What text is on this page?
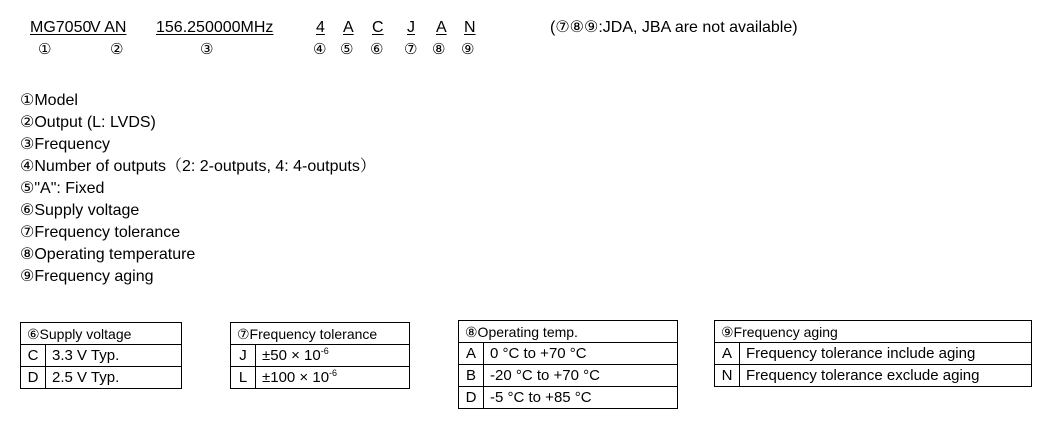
MG7050
V AN 156.250000MHz	4 A C J A N
①	②	③	④ ⑤ ⑥ ⑦ ⑧ ⑨
(⑦⑧⑨:JDA, JBA are not available)
①Model
②Output (L: LVDS)
③Frequency
④Number of outputs（2: 2-outputs, 4: 4-outputs）
⑤"A": Fixed
⑥Supply voltage
⑦Frequency tolerance
⑧Operating temperature
⑨Frequency aging
⑥Supply voltage	
C	3.3 V Typ.
D	2.5 V Typ.
⑦Frequency tolerance	
J	$\pm 50 \times 10^{-6}$
L	$\pm 100 \times 10^{-6}$
⑧Operating temp.	
A	0 °C to +70 °C
B	-20 °C to +70 °C
D	-5 °C to +85 °C
⑨Frequency aging	
A	Frequency tolerance include aging
N	Frequency tolerance exclude aging
